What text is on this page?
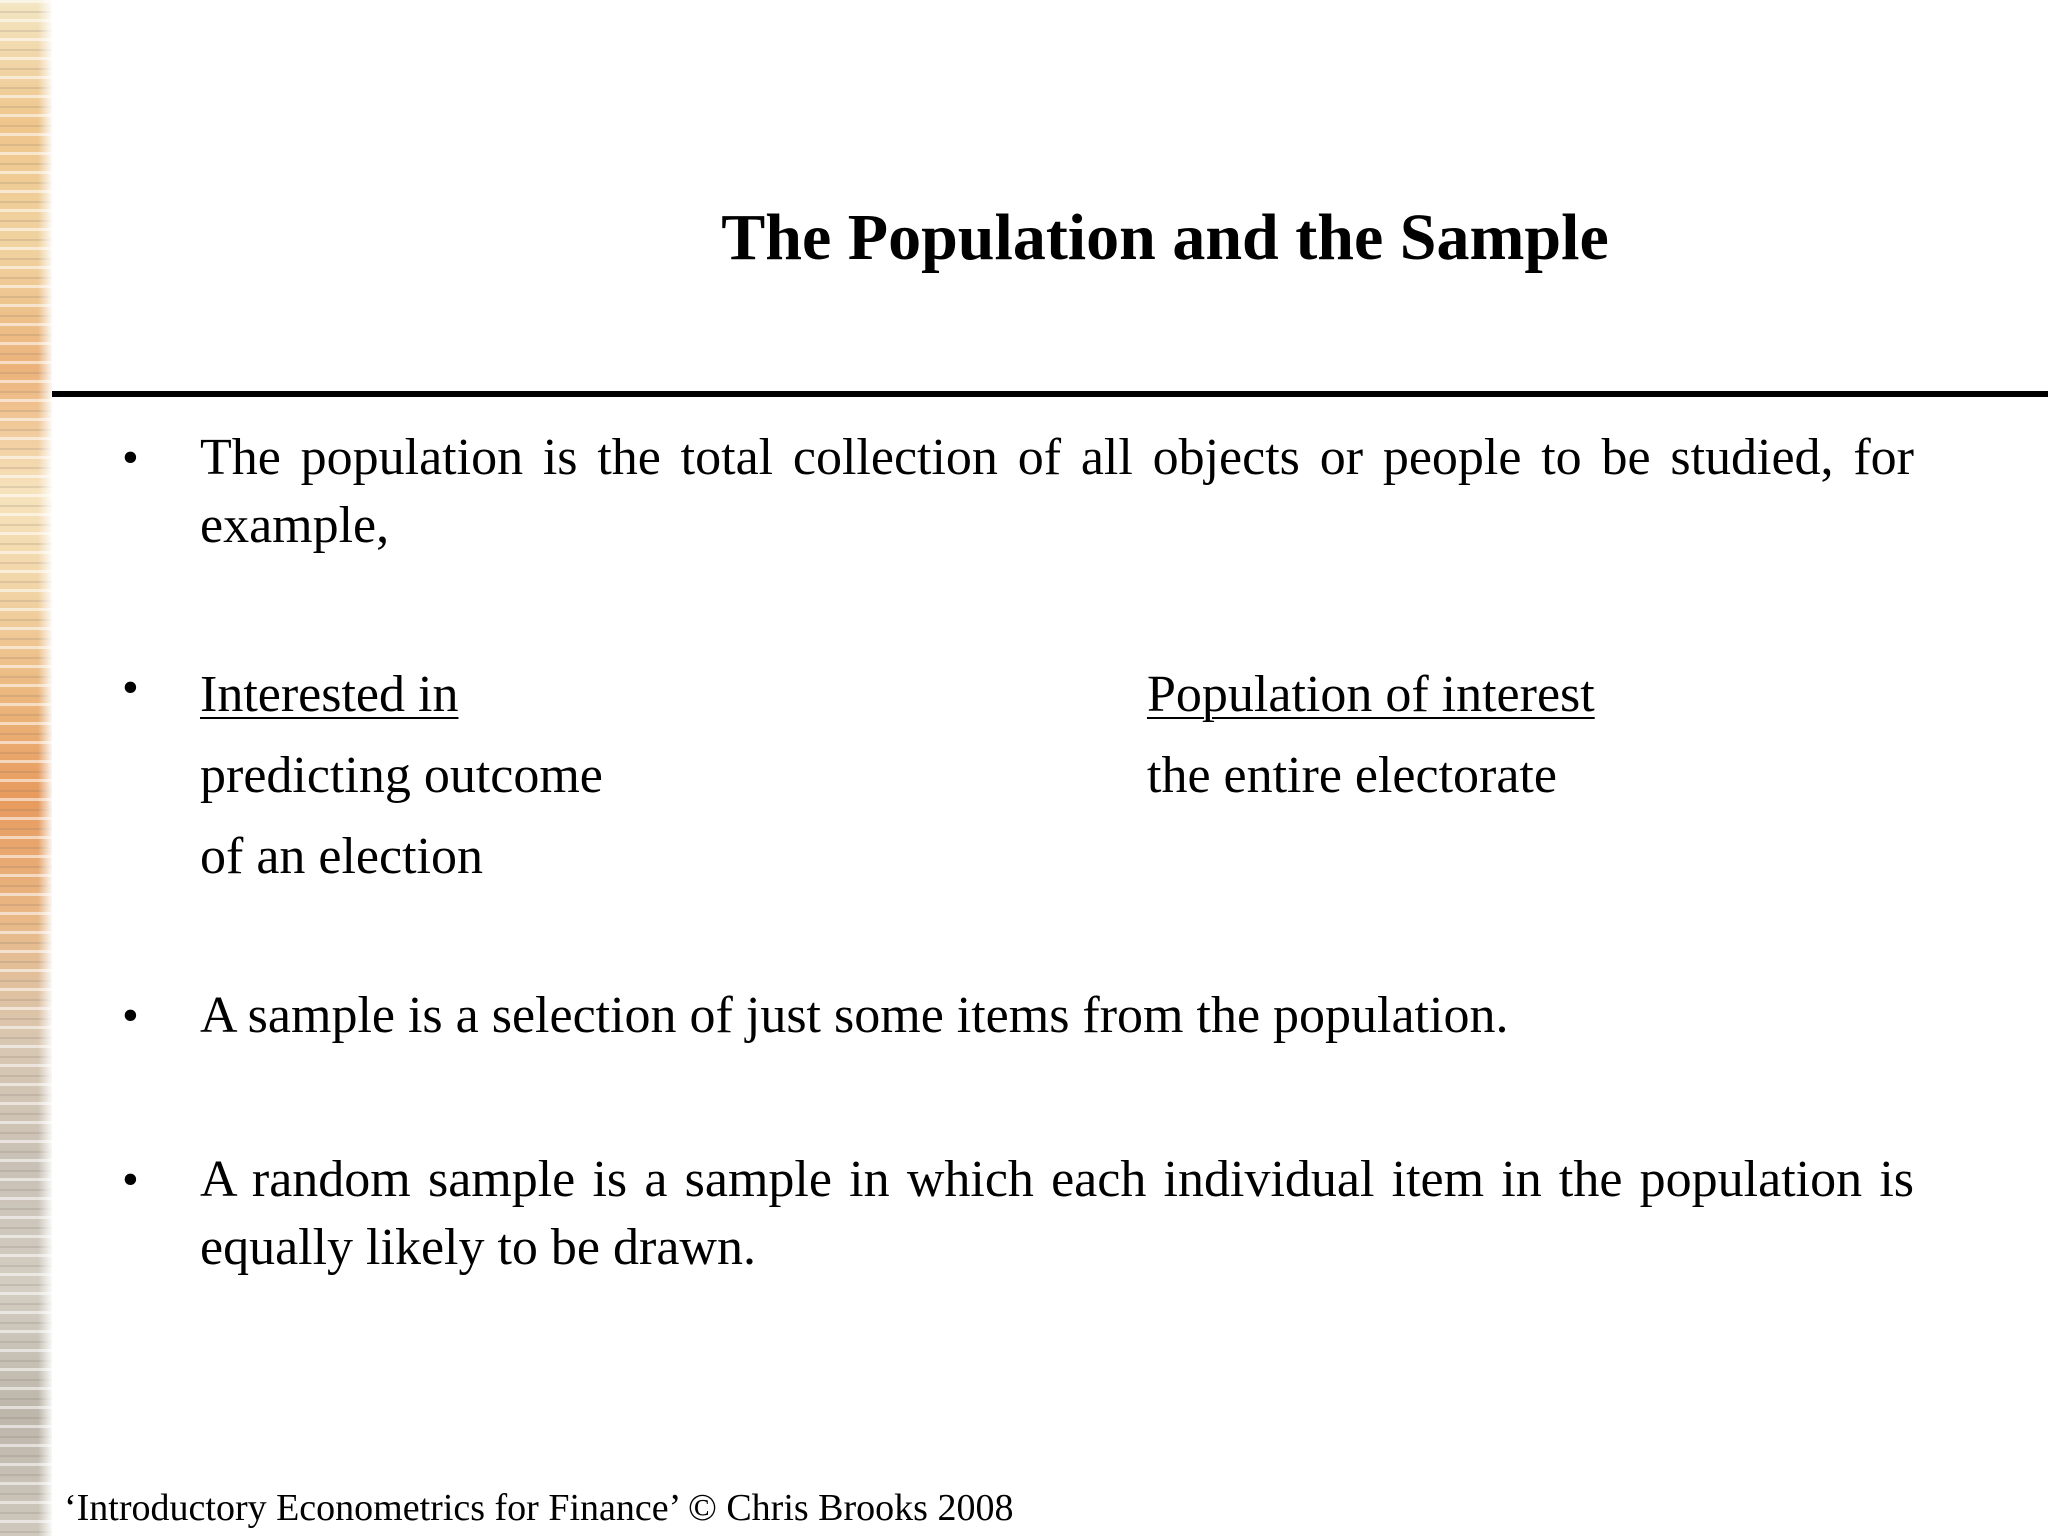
The Population and the Sample
• The population is the total collection of all objects or people to be studied, for example,
• Interested in
predicting outcome
of an election
Population of interest
the entire electorate
• A sample is a selection of just some items from the population.
• A random sample is a sample in which each individual item in the population is equally likely to be drawn.
‘Introductory Econometrics for Finance’ © Chris Brooks 2008
